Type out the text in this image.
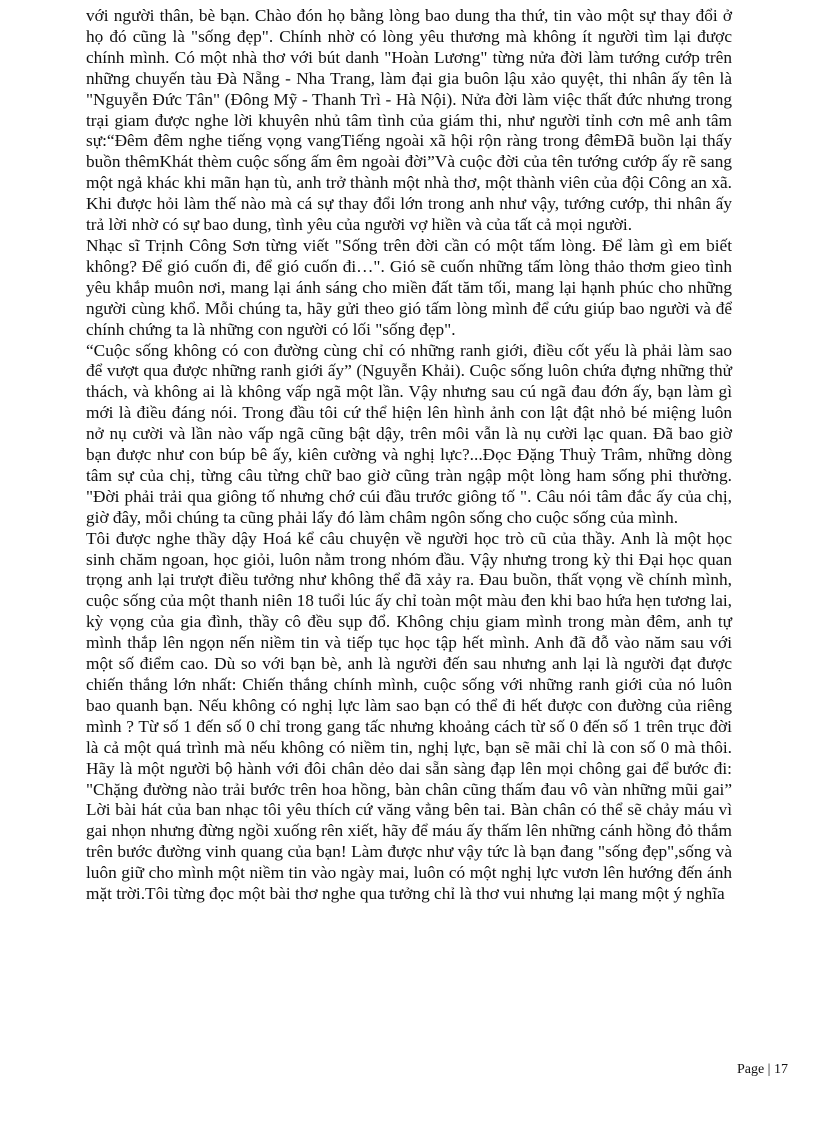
với người thân, bè bạn. Chào đón họ bằng lòng bao dung tha thứ, tin vào một sự thay đổi ở họ đó cũng là "sống đẹp". Chính nhờ có lòng yêu thương mà không ít người tìm lại được chính mình. Có một nhà thơ với bút danh "Hoàn Lương" từng nửa đời làm tướng cướp trên những chuyến tàu Đà Nẵng - Nha Trang, làm đại gia buôn lậu xảo quyệt, thi nhân ấy tên là "Nguyễn Đức Tân" (Đông Mỹ - Thanh Trì - Hà Nội). Nửa đời làm việc thất đức nhưng trong trại giam được nghe lời khuyên nhủ tâm tình của giám thi, như người tỉnh cơn mê anh tâm sự:“Đêm đêm nghe tiếng vọng vangTiếng ngoài xã hội rộn ràng trong đêmĐã buồn lại thấy buồn thêmKhát thèm cuộc sống ấm êm ngoài đời”Và cuộc đời của tên tướng cướp ấy rẽ sang một ngả khác khi mãn hạn tù, anh trở thành một nhà thơ, một thành viên của đội Công an xã. Khi được hỏi làm thế nào mà cá sự thay đổi lớn trong anh như vậy, tướng cướp, thi nhân ấy trả lời nhờ có sự bao dung, tình yêu của người vợ hiền và của tất cả mọi người.

Nhạc sĩ Trịnh Công Sơn từng viết "Sống trên đời cần có một tấm lòng. Để làm gì em biết không? Để gió cuốn đi, để gió cuốn đi…". Gió sẽ cuốn những tấm lòng thảo thơm gieo tình yêu khắp muôn nơi, mang lại ánh sáng cho miền đất tăm tối, mang lại hạnh phúc cho những người cùng khổ. Mỗi chúng ta, hãy gửi theo gió tấm lòng mình để cứu giúp bao người và để chính chứng ta là những con người có lối "sống đẹp".

“Cuộc sống không có con đường cùng chỉ có những ranh giới, điều cốt yếu là phải làm sao để vượt qua được những ranh giới ấy” (Nguyễn Khải). Cuộc sống luôn chứa đựng những thử thách, và không ai là không vấp ngã một lần. Vậy nhưng sau cú ngã đau đớn ấy, bạn làm gì mới là điều đáng nói. Trong đầu tôi cứ thể hiện lên hình ảnh con lật đật nhỏ bé miệng luôn nở nụ cười và lần nào vấp ngã cũng bật dậy, trên môi vẫn là nụ cười lạc quan. Đã bao giờ bạn được như con búp bê ấy, kiên cường và nghị lực?...Đọc Đặng Thuỳ Trâm, những dòng tâm sự của chị, từng câu từng chữ bao giờ cũng tràn ngập một lòng ham sống phi thường. "Đời phải trải qua giông tố nhưng chớ cúi đầu trước giông tố ". Câu nói tâm đắc ấy của chị, giờ đây, mỗi chúng ta cũng phải lấy đó làm châm ngôn sống cho cuộc sống của mình.

Tôi được nghe thầy dậy Hoá kể câu chuyện về người học trò cũ của thầy. Anh là một học sinh chăm ngoan, học giỏi, luôn nằm trong nhóm đầu. Vậy nhưng trong kỳ thi Đại học quan trọng anh lại trượt điều tưởng như không thể đã xảy ra. Đau buồn, thất vọng về chính mình, cuộc sống của một thanh niên 18 tuổi lúc ấy chỉ toàn một màu đen khi bao hứa hẹn tương lai, kỳ vọng của gia đình, thầy cô đều sụp đổ. Không chịu giam mình trong màn đêm, anh tự mình thắp lên ngọn nến niềm tin và tiếp tục học tập hết mình. Anh đã đỗ vào năm sau với một số điểm cao. Dù so với bạn bè, anh là người đến sau nhưng anh lại là người đạt được chiến thắng lớn nhất: Chiến thắng chính mình, cuộc sống với những ranh giới của nó luôn bao quanh bạn. Nếu không có nghị lực làm sao bạn có thể đi hết được con đường của riêng mình ? Từ số 1 đến số 0 chỉ trong gang tấc nhưng khoảng cách từ số 0 đến số 1 trên trục đời là cả một quá trình mà nếu không có niềm tin, nghị lực, bạn sẽ mãi chỉ là con số 0 mà thôi. Hãy là một người bộ hành với đôi chân dẻo dai sẵn sàng đạp lên mọi chông gai để bước đi: "Chặng đường nào trải bước trên hoa hồng, bàn chân cũng thấm đau vô vàn những mũi gai” Lời bài hát của ban nhạc tôi yêu thích cứ văng vẳng bên tai. Bàn chân có thể sẽ chảy máu vì gai nhọn nhưng đừng ngồi xuống rên xiết, hãy để máu ấy thấm lên những cánh hồng đỏ thắm trên bước đường vinh quang của bạn! Làm được như vậy tức là bạn đang "sống đẹp",sống và luôn giữ cho mình một niềm tin vào ngày mai, luôn có một nghị lực vươn lên hướng đến ánh mặt trời.Tôi từng đọc một bài thơ nghe qua tưởng chỉ là thơ vui nhưng lại mang một ý nghĩa

Page | 17
